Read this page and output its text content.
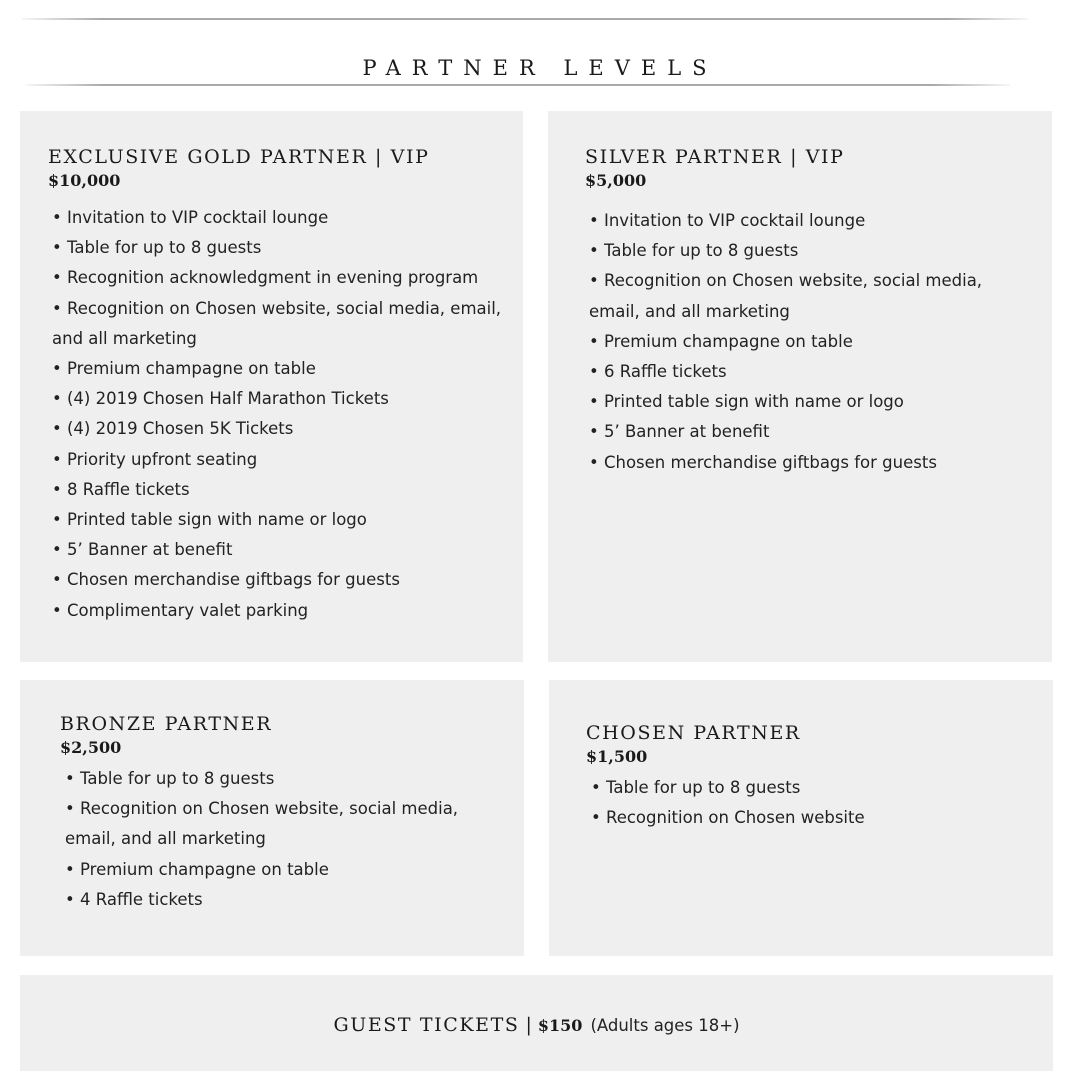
PARTNER LEVELS
EXCLUSIVE GOLD PARTNER | VIP
$10,000
• Invitation to VIP cocktail lounge
• Table for up to 8 guests
• Recognition acknowledgment in evening program
• Recognition on Chosen website, social media, email, and all marketing
• Premium champagne on table
• (4) 2019 Chosen Half Marathon Tickets
• (4) 2019 Chosen 5K Tickets
• Priority upfront seating
• 8 Raffle tickets
• Printed table sign with name or logo
• 5’ Banner at benefit
• Chosen merchandise giftbags for guests
• Complimentary valet parking
SILVER PARTNER | VIP
$5,000
• Invitation to VIP cocktail lounge
• Table for up to 8 guests
• Recognition on Chosen website, social media, email, and all marketing
• Premium champagne on table
• 6 Raffle tickets
• Printed table sign with name or logo
• 5’ Banner at benefit
• Chosen merchandise giftbags for guests
BRONZE PARTNER
$2,500
• Table for up to 8 guests
• Recognition on Chosen website, social media, email, and all marketing
• Premium champagne on table
• 4 Raffle tickets
CHOSEN PARTNER
$1,500
• Table for up to 8 guests
• Recognition on Chosen website
GUEST TICKETS | $150 (Adults ages 18+)
